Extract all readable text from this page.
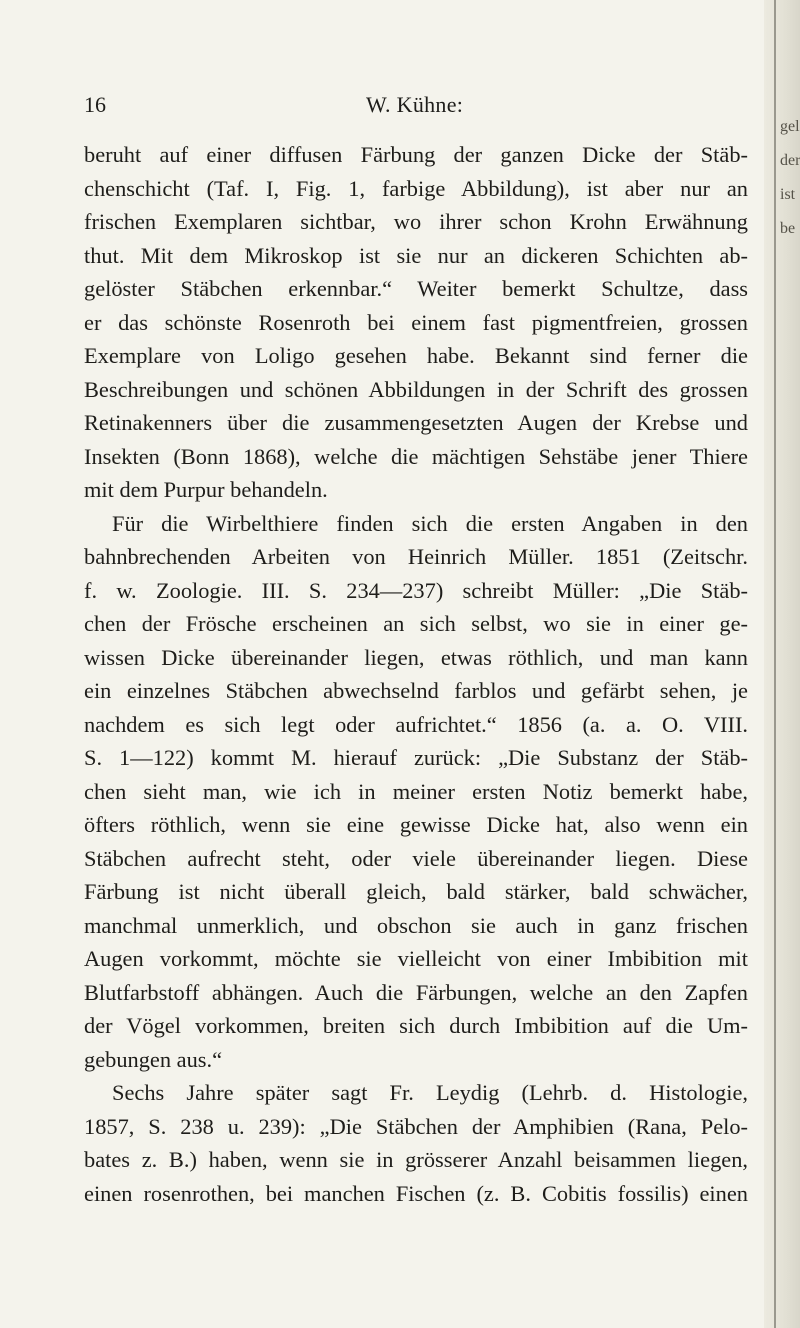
16	W. Kühne:
beruht auf einer diffusen Färbung der ganzen Dicke der Stäb-
chenschicht (Taf. I, Fig. 1, farbige Abbildung), ist aber nur an
frischen Exemplaren sichtbar, wo ihrer schon Krohn Erwähnung
thut. Mit dem Mikroskop ist sie nur an dickeren Schichten ab-
gelöster Stäbchen erkennbar.“ Weiter bemerkt Schultze, dass
er das schönste Rosenroth bei einem fast pigmentfreien, grossen
Exemplare von Loligo gesehen habe. Bekannt sind ferner die
Beschreibungen und schönen Abbildungen in der Schrift des grossen
Retinakenners über die zusammengesetzten Augen der Krebse und
Insekten (Bonn 1868), welche die mächtigen Sehstäbe jener Thiere
mit dem Purpur behandeln.
Für die Wirbelthiere finden sich die ersten Angaben in den
bahnbrechenden Arbeiten von Heinrich Müller. 1851 (Zeitschr.
f. w. Zoologie. III. S. 234—237) schreibt Müller: „Die Stäb-
chen der Frösche erscheinen an sich selbst, wo sie in einer ge-
wissen Dicke übereinander liegen, etwas röthlich, und man kann
ein einzelnes Stäbchen abwechselnd farblos und gefärbt sehen, je
nachdem es sich legt oder aufrichtet.“ 1856 (a. a. O. VIII.
S. 1—122) kommt M. hierauf zurück: „Die Substanz der Stäb-
chen sieht man, wie ich in meiner ersten Notiz bemerkt habe,
öfters röthlich, wenn sie eine gewisse Dicke hat, also wenn ein
Stäbchen aufrecht steht, oder viele übereinander liegen. Diese
Färbung ist nicht überall gleich, bald stärker, bald schwächer,
manchmal unmerklich, und obschon sie auch in ganz frischen
Augen vorkommt, möchte sie vielleicht von einer Imbibition mit
Blutfarbstoff abhängen. Auch die Färbungen, welche an den Zapfen
der Vögel vorkommen, breiten sich durch Imbibition auf die Um-
gebungen aus.“
Sechs Jahre später sagt Fr. Leydig (Lehrb. d. Histologie,
1857, S. 238 u. 239): „Die Stäbchen der Amphibien (Rana, Pelo-
bates z. B.) haben, wenn sie in grösserer Anzahl beisammen liegen,
einen rosenrothen, bei manchen Fischen (z. B. Cobitis fossilis) einen
gel
der
ist
be
